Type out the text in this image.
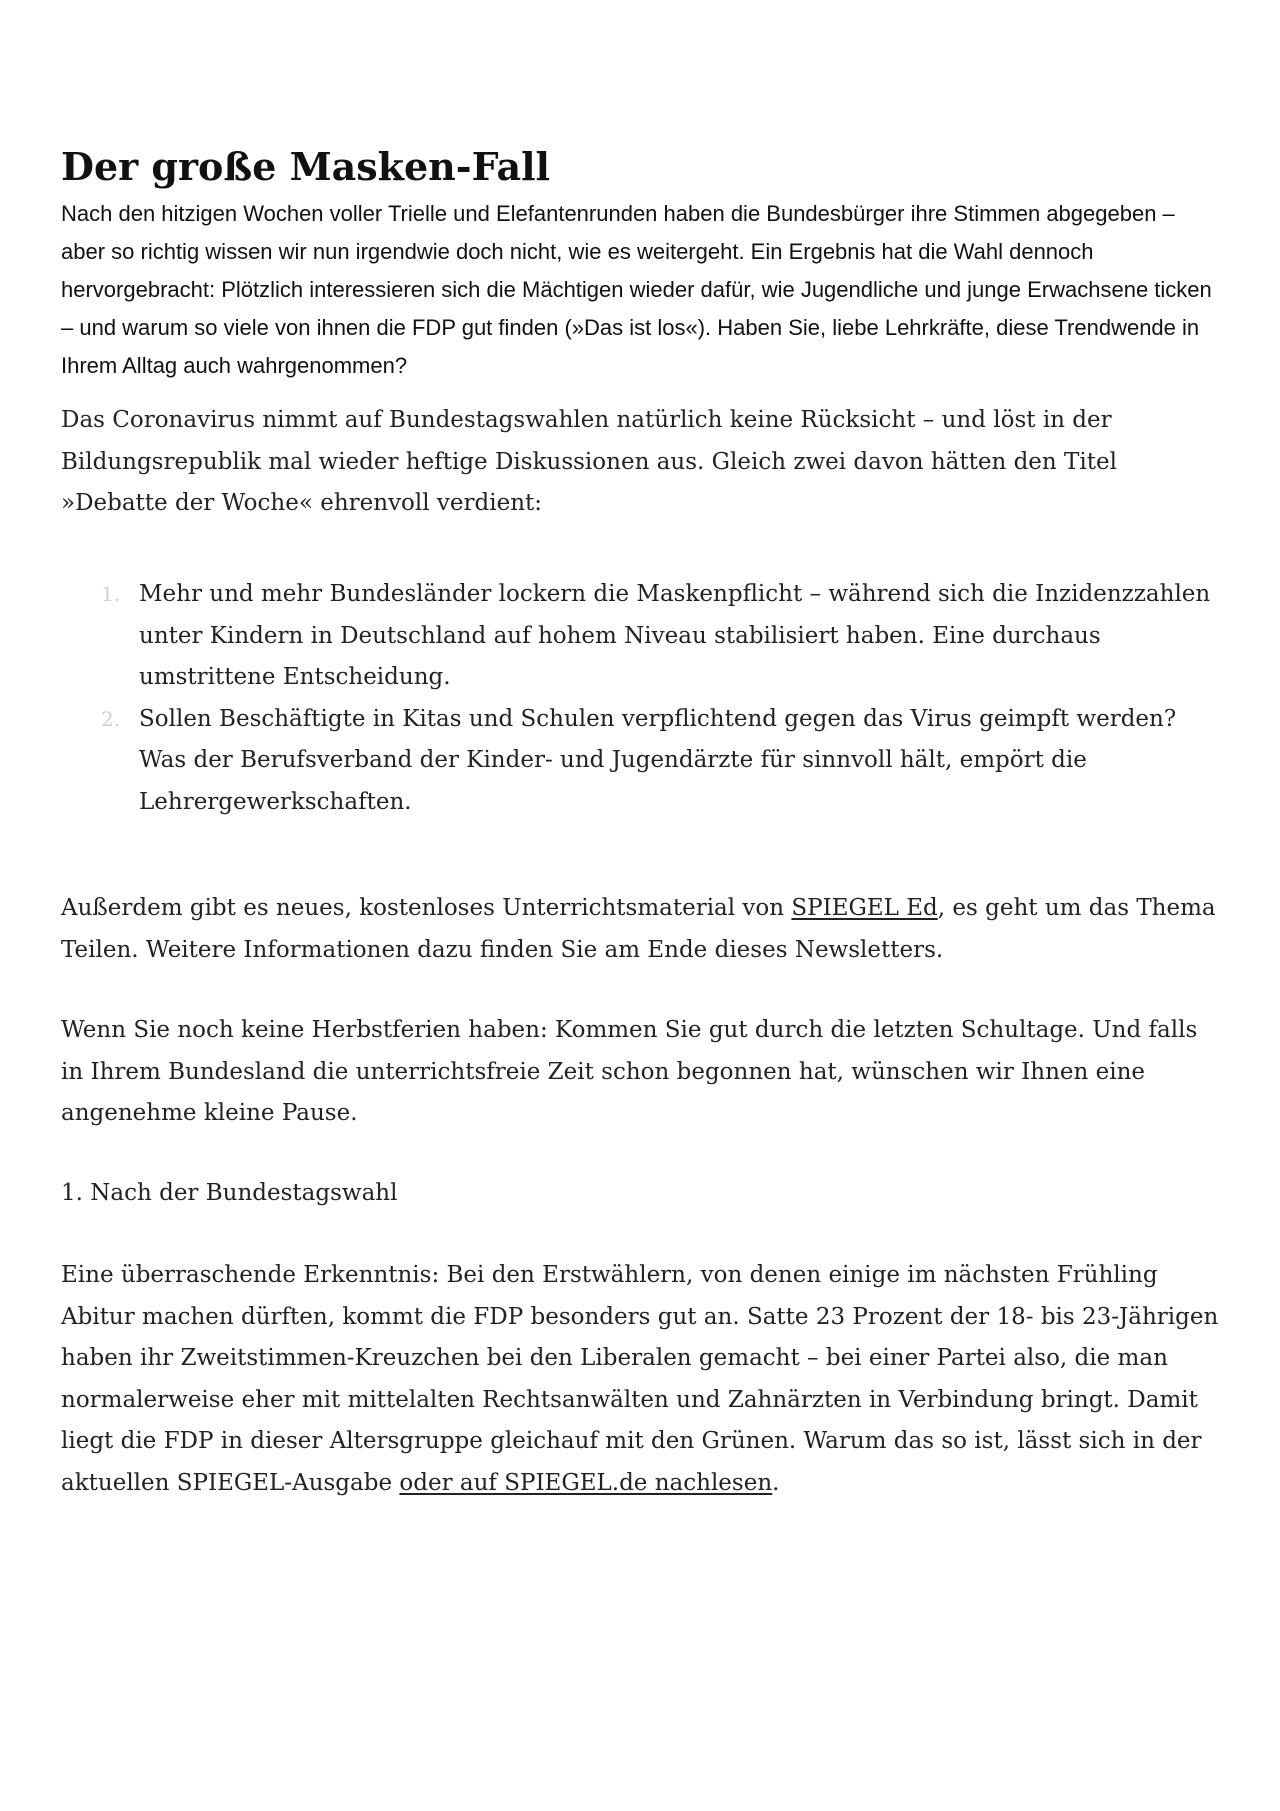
Der große Masken-Fall

Nach den hitzigen Wochen voller Trielle und Elefantenrunden haben die Bundesbürger ihre Stimmen abgegeben – aber so richtig wissen wir nun irgendwie doch nicht, wie es weitergeht. Ein Ergebnis hat die Wahl dennoch hervorgebracht: Plötzlich interessieren sich die Mächtigen wieder dafür, wie Jugendliche und junge Erwachsene ticken – und warum so viele von ihnen die FDP gut finden (»Das ist los«). Haben Sie, liebe Lehrkräfte, diese Trendwende in Ihrem Alltag auch wahrgenommen?

Das Coronavirus nimmt auf Bundestagswahlen natürlich keine Rücksicht – und löst in der Bildungsrepublik mal wieder heftige Diskussionen aus. Gleich zwei davon hätten den Titel »Debatte der Woche« ehrenvoll verdient:

1. Mehr und mehr Bundesländer lockern die Maskenpflicht – während sich die Inzidenzzahlen unter Kindern in Deutschland auf hohem Niveau stabilisiert haben. Eine durchaus umstrittene Entscheidung.
2. Sollen Beschäftigte in Kitas und Schulen verpflichtend gegen das Virus geimpft werden? Was der Berufsverband der Kinder- und Jugendärzte für sinnvoll hält, empört die Lehrergewerkschaften.

Außerdem gibt es neues, kostenloses Unterrichtsmaterial von SPIEGEL Ed, es geht um das Thema Teilen. Weitere Informationen dazu finden Sie am Ende dieses Newsletters.

Wenn Sie noch keine Herbstferien haben: Kommen Sie gut durch die letzten Schultage. Und falls in Ihrem Bundesland die unterrichtsfreie Zeit schon begonnen hat, wünschen wir Ihnen eine angenehme kleine Pause.

1. Nach der Bundestagswahl

Eine überraschende Erkenntnis: Bei den Erstwählern, von denen einige im nächsten Frühling Abitur machen dürften, kommt die FDP besonders gut an. Satte 23 Prozent der 18- bis 23-Jährigen haben ihr Zweitstimmen-Kreuzchen bei den Liberalen gemacht – bei einer Partei also, die man normalerweise eher mit mittelalten Rechtsanwälten und Zahnärzten in Verbindung bringt. Damit liegt die FDP in dieser Altersgruppe gleichauf mit den Grünen. Warum das so ist, lässt sich in der aktuellen SPIEGEL-Ausgabe oder auf SPIEGEL.de nachlesen.
